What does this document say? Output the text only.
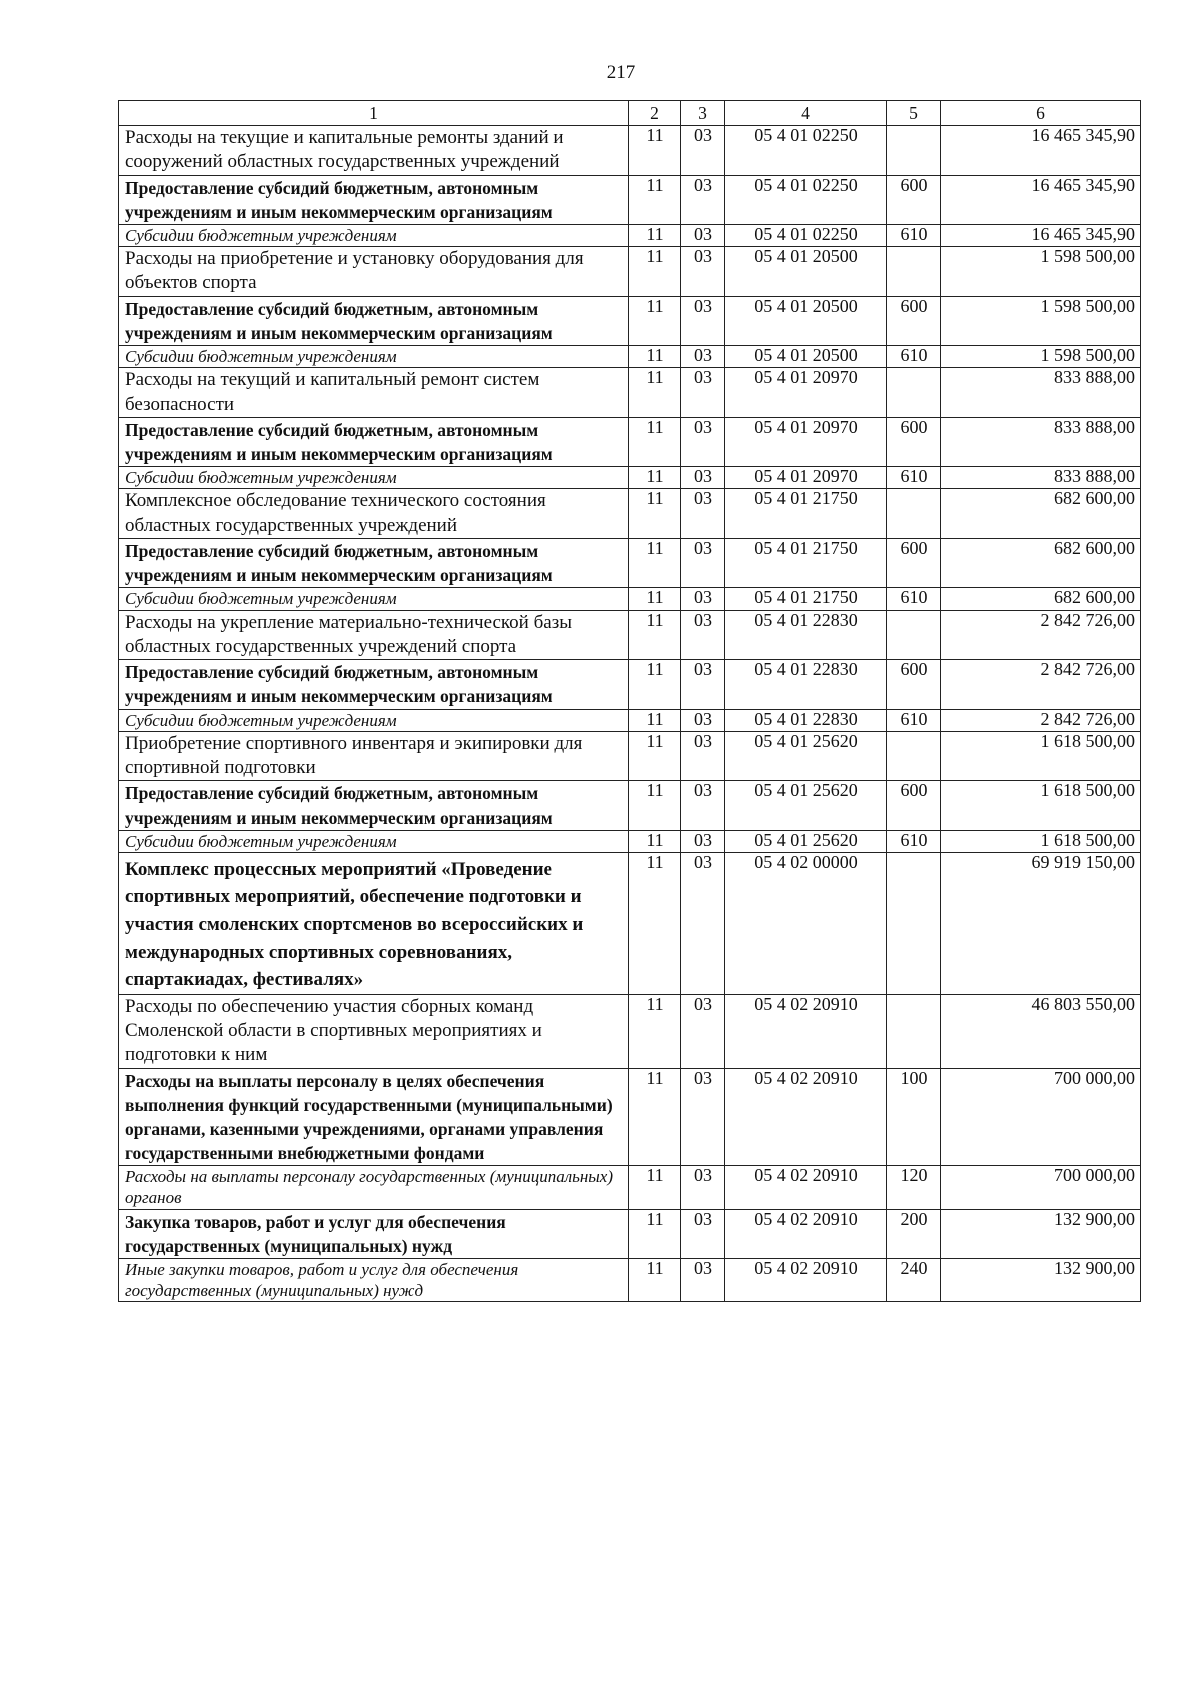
217
1	2	3	4	5	6
Расходы на текущие и капитальные ремонты зданий и сооружений областных государственных учреждений	11	03	05 4 01 02250		16 465 345,90
Предоставление субсидий бюджетным, автономным учреждениям и иным некоммерческим организациям	11	03	05 4 01 02250	600	16 465 345,90
Субсидии бюджетным учреждениям	11	03	05 4 01 02250	610	16 465 345,90
Расходы на приобретение и установку оборудования для объектов спорта	11	03	05 4 01 20500		1 598 500,00
Предоставление субсидий бюджетным, автономным учреждениям и иным некоммерческим организациям	11	03	05 4 01 20500	600	1 598 500,00
Субсидии бюджетным учреждениям	11	03	05 4 01 20500	610	1 598 500,00
Расходы на текущий и капитальный ремонт систем безопасности	11	03	05 4 01 20970		833 888,00
Предоставление субсидий бюджетным, автономным учреждениям и иным некоммерческим организациям	11	03	05 4 01 20970	600	833 888,00
Субсидии бюджетным учреждениям	11	03	05 4 01 20970	610	833 888,00
Комплексное обследование технического состояния областных государственных учреждений	11	03	05 4 01 21750		682 600,00
Предоставление субсидий бюджетным, автономным учреждениям и иным некоммерческим организациям	11	03	05 4 01 21750	600	682 600,00
Субсидии бюджетным учреждениям	11	03	05 4 01 21750	610	682 600,00
Расходы на укрепление материально-технической базы областных государственных учреждений спорта	11	03	05 4 01 22830		2 842 726,00
Предоставление субсидий бюджетным, автономным учреждениям и иным некоммерческим организациям	11	03	05 4 01 22830	600	2 842 726,00
Субсидии бюджетным учреждениям	11	03	05 4 01 22830	610	2 842 726,00
Приобретение спортивного инвентаря и экипировки для спортивной подготовки	11	03	05 4 01 25620		1 618 500,00
Предоставление субсидий бюджетным, автономным учреждениям и иным некоммерческим организациям	11	03	05 4 01 25620	600	1 618 500,00
Субсидии бюджетным учреждениям	11	03	05 4 01 25620	610	1 618 500,00
Комплекс процессных мероприятий «Проведение спортивных мероприятий, обеспечение подготовки и участия смоленских спортсменов во всероссийских и международных спортивных соревнованиях, спартакиадах, фестивалях»	11	03	05 4 02 00000		69 919 150,00
Расходы по обеспечению участия сборных команд Смоленской области в спортивных мероприятиях и подготовки к ним	11	03	05 4 02 20910		46 803 550,00
Расходы на выплаты персоналу в целях обеспечения выполнения функций государственными (муниципальными) органами, казенными учреждениями, органами управления государственными внебюджетными фондами	11	03	05 4 02 20910	100	700 000,00
Расходы на выплаты персоналу государственных (муниципальных) органов	11	03	05 4 02 20910	120	700 000,00
Закупка товаров, работ и услуг для обеспечения государственных (муниципальных) нужд	11	03	05 4 02 20910	200	132 900,00
Иные закупки товаров, работ и услуг для обеспечения государственных (муниципальных) нужд	11	03	05 4 02 20910	240	132 900,00
